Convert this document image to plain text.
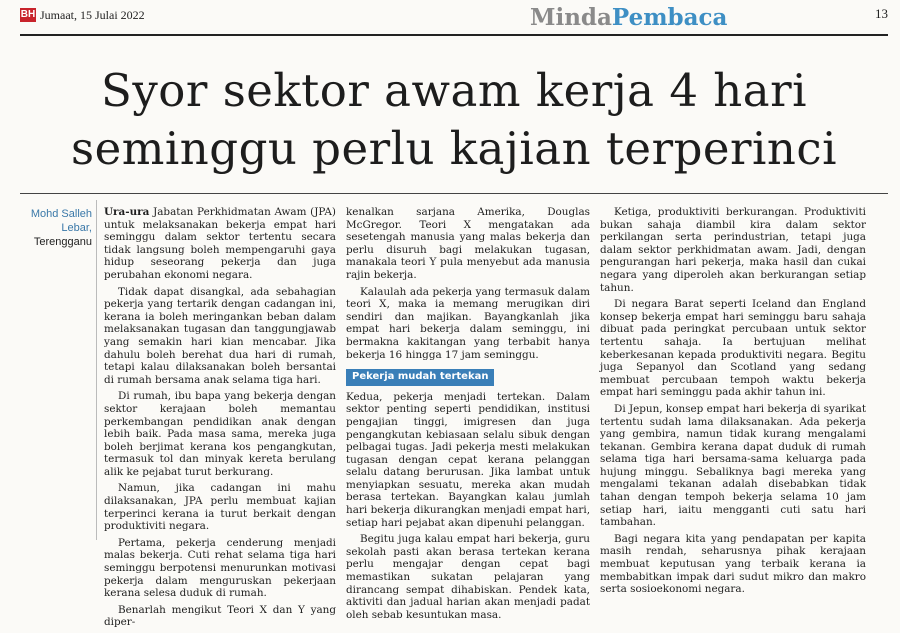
BH Jumaat, 15 Julai 2022	MindaPembaca	13
Syor sektor awam kerja 4 hari
seminggu perlu kajian terperinci
Mohd Salleh
Lebar,
Terengganu

Ura-ura Jabatan Perkhidmatan Awam (JPA) untuk melaksanakan bekerja empat hari seminggu dalam sektor tertentu secara tidak langsung boleh mempengaruhi gaya hidup seseorang pekerja dan juga perubahan ekonomi negara.

Tidak dapat disangkal, ada sebahagian pekerja yang tertarik dengan cadangan ini, kerana ia boleh meringankan beban dalam melaksanakan tugasan dan tanggungjawab yang semakin hari kian mencabar. Jika dahulu boleh berehat dua hari di rumah, tetapi kalau dilaksanakan boleh bersantai di rumah bersama anak selama tiga hari.

Di rumah, ibu bapa yang bekerja dengan sektor kerajaan boleh memantau perkembangan pendidikan anak dengan lebih baik. Pada masa sama, mereka juga boleh berjimat kerana kos pengangkutan, termasuk tol dan minyak kereta berulang alik ke pejabat turut berkurang.

Namun, jika cadangan ini mahu dilaksanakan, JPA perlu membuat kajian terperinci kerana ia turut berkait dengan produktiviti negara.

Pertama, pekerja cenderung menjadi malas bekerja. Cuti rehat selama tiga hari seminggu berpotensi menurunkan motivasi pekerja dalam menguruskan pekerjaan kerana selesa duduk di rumah.

Benarlah mengikut Teori X dan Y yang diper-

kenalkan sarjana Amerika, Douglas McGregor. Teori X mengatakan ada sesetengah manusia yang malas bekerja dan perlu disuruh bagi melakukan tugasan, manakala teori Y pula menyebut ada manusia rajin bekerja.

Kalaulah ada pekerja yang termasuk dalam teori X, maka ia memang merugikan diri sendiri dan majikan. Bayangkanlah jika empat hari bekerja dalam seminggu, ini bermakna kakitangan yang terbabit hanya bekerja 16 hingga 17 jam seminggu.

Pekerja mudah tertekan

Kedua, pekerja menjadi tertekan. Dalam sektor penting seperti pendidikan, institusi pengajian tinggi, imigresen dan juga pengangkutan kebiasaan selalu sibuk dengan pelbagai tugas. Jadi pekerja mesti melakukan tugasan dengan cepat kerana pelanggan selalu datang berurusan. Jika lambat untuk menyiapkan sesuatu, mereka akan mudah berasa tertekan. Bayangkan kalau jumlah hari bekerja dikurangkan menjadi empat hari, setiap hari pejabat akan dipenuhi pelanggan.

Begitu juga kalau empat hari bekerja, guru sekolah pasti akan berasa tertekan kerana perlu mengajar dengan cepat bagi memastikan sukatan pelajaran yang dirancang sempat dihabiskan. Pendek kata, aktiviti dan jadual harian akan menjadi padat oleh sebab kesuntukan masa.

Ketiga, produktiviti berkurangan. Produktiviti bukan sahaja diambil kira dalam sektor perkilangan serta perindustrian, tetapi juga dalam sektor perkhidmatan awam. Jadi, dengan pengurangan hari pekerja, maka hasil dan cukai negara yang diperoleh akan berkurangan setiap tahun.

Di negara Barat seperti Iceland dan England konsep bekerja empat hari seminggu baru sahaja dibuat pada peringkat percubaan untuk sektor tertentu sahaja. Ia bertujuan melihat keberkesanan kepada produktiviti negara. Begitu juga Sepanyol dan Scotland yang sedang membuat percubaan tempoh waktu bekerja empat hari seminggu pada akhir tahun ini.

Di Jepun, konsep empat hari bekerja di syarikat tertentu sudah lama dilaksanakan. Ada pekerja yang gembira, namun tidak kurang mengalami tekanan. Gembira kerana dapat duduk di rumah selama tiga hari bersama-sama keluarga pada hujung minggu. Sebaliknya bagi mereka yang mengalami tekanan adalah disebabkan tidak tahan dengan tempoh bekerja selama 10 jam setiap hari, iaitu mengganti cuti satu hari tambahan.

Bagi negara kita yang pendapatan per kapita masih rendah, seharusnya pihak kerajaan membuat keputusan yang terbaik kerana ia membabitkan impak dari sudut mikro dan makro serta sosioekonomi negara.
